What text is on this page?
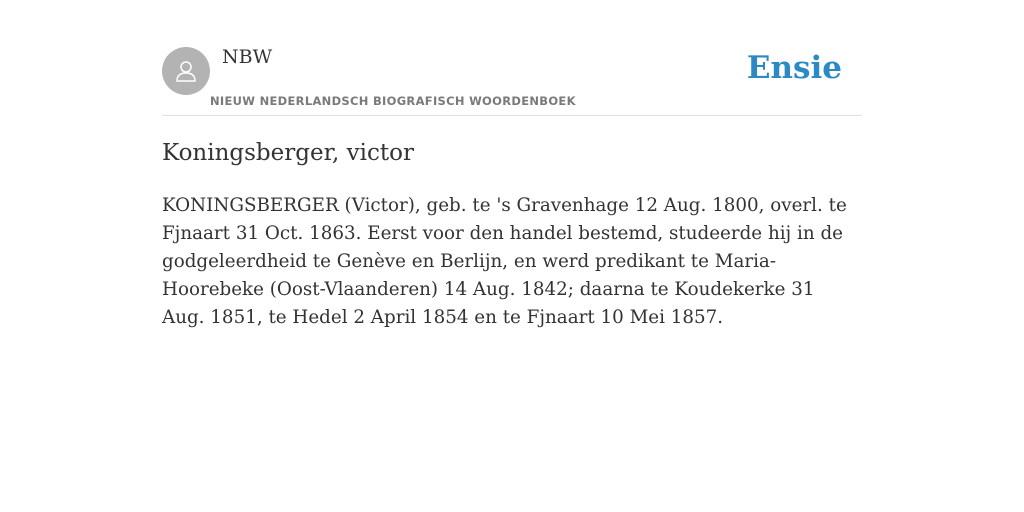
NBW
NIEUW NEDERLANDSCH BIOGRAFISCH WOORDENBOEK
Ensie
Koningsberger, victor

KONINGSBERGER (Victor), geb. te 's Gravenhage 12 Aug. 1800, overl. te Fjnaart 31 Oct. 1863. Eerst voor den handel bestemd, studeerde hij in de godgeleerdheid te Genève en Berlijn, en werd predikant te Maria-Hoorebeke (Oost-Vlaanderen) 14 Aug. 1842; daarna te Koudekerke 31 Aug. 1851, te Hedel 2 April 1854 en te Fjnaart 10 Mei 1857.
